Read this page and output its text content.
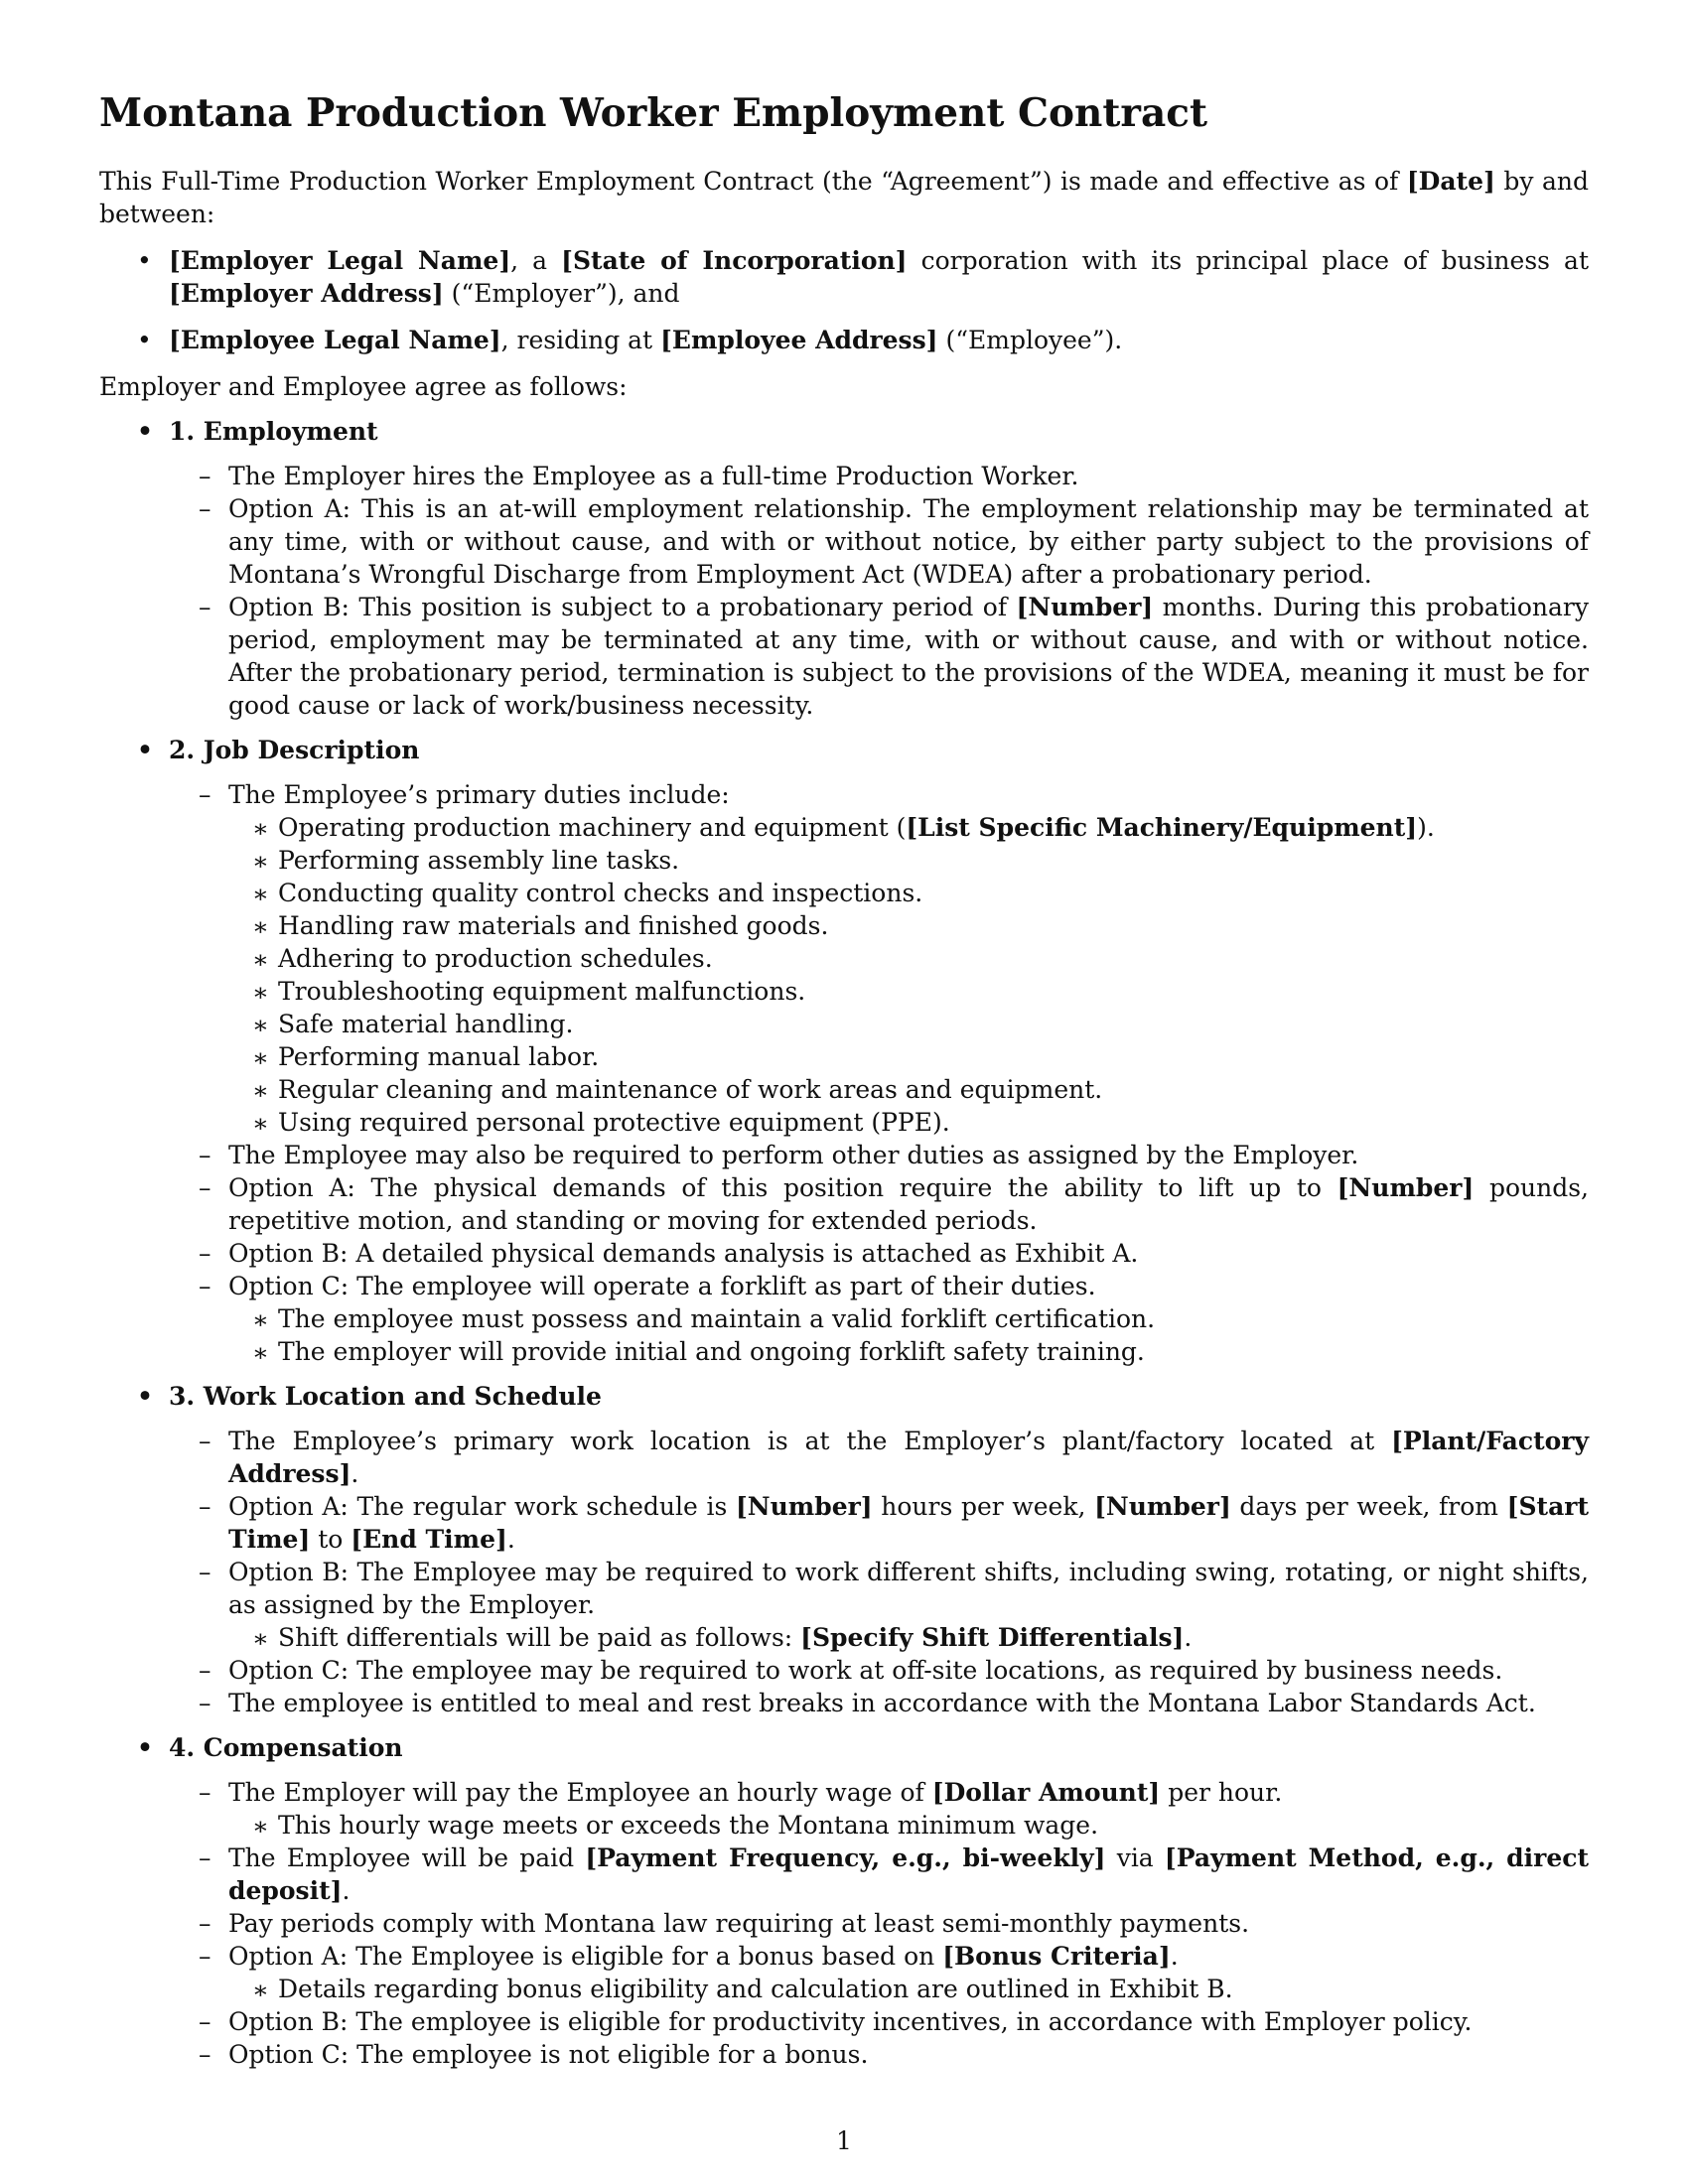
Montana Production Worker Employment Contract

This Full-Time Production Worker Employment Contract (the “Agreement”) is made and effective as of [Date] by and between:

• [Employer Legal Name], a [State of Incorporation] corporation with its principal place of business at [Employer Address] (“Employer”), and
• [Employee Legal Name], residing at [Employee Address] (“Employee”).

Employer and Employee agree as follows:

• 1. Employment
– The Employer hires the Employee as a full-time Production Worker.
– Option A: This is an at-will employment relationship. The employment relationship may be terminated at any time, with or without cause, and with or without notice, by either party subject to the provisions of Montana’s Wrongful Discharge from Employment Act (WDEA) after a probationary period.
– Option B: This position is subject to a probationary period of [Number] months. During this probationary period, employment may be terminated at any time, with or without cause, and with or without notice. After the probationary period, termination is subject to the provisions of the WDEA, meaning it must be for good cause or lack of work/business necessity.
• 2. Job Description
– The Employee’s primary duties include:
∗ Operating production machinery and equipment ([List Specific Machinery/Equipment]).
∗ Performing assembly line tasks.
∗ Conducting quality control checks and inspections.
∗ Handling raw materials and finished goods.
∗ Adhering to production schedules.
∗ Troubleshooting equipment malfunctions.
∗ Safe material handling.
∗ Performing manual labor.
∗ Regular cleaning and maintenance of work areas and equipment.
∗ Using required personal protective equipment (PPE).
– The Employee may also be required to perform other duties as assigned by the Employer.
– Option A: The physical demands of this position require the ability to lift up to [Number] pounds, repetitive motion, and standing or moving for extended periods.
– Option B: A detailed physical demands analysis is attached as Exhibit A.
– Option C: The employee will operate a forklift as part of their duties.
∗ The employee must possess and maintain a valid forklift certification.
∗ The employer will provide initial and ongoing forklift safety training.
• 3. Work Location and Schedule
– The Employee’s primary work location is at the Employer’s plant/factory located at [Plant/Factory Address].
– Option A: The regular work schedule is [Number] hours per week, [Number] days per week, from [Start Time] to [End Time].
– Option B: The Employee may be required to work different shifts, including swing, rotating, or night shifts, as assigned by the Employer.
∗ Shift differentials will be paid as follows: [Specify Shift Differentials].
– Option C: The employee may be required to work at off-site locations, as required by business needs.
– The employee is entitled to meal and rest breaks in accordance with the Montana Labor Standards Act.
• 4. Compensation
– The Employer will pay the Employee an hourly wage of [Dollar Amount] per hour.
∗ This hourly wage meets or exceeds the Montana minimum wage.
– The Employee will be paid [Payment Frequency, e.g., bi-weekly] via [Payment Method, e.g., direct deposit].
– Pay periods comply with Montana law requiring at least semi-monthly payments.
– Option A: The Employee is eligible for a bonus based on [Bonus Criteria].
∗ Details regarding bonus eligibility and calculation are outlined in Exhibit B.
– Option B: The employee is eligible for productivity incentives, in accordance with Employer policy.
– Option C: The employee is not eligible for a bonus.
1
